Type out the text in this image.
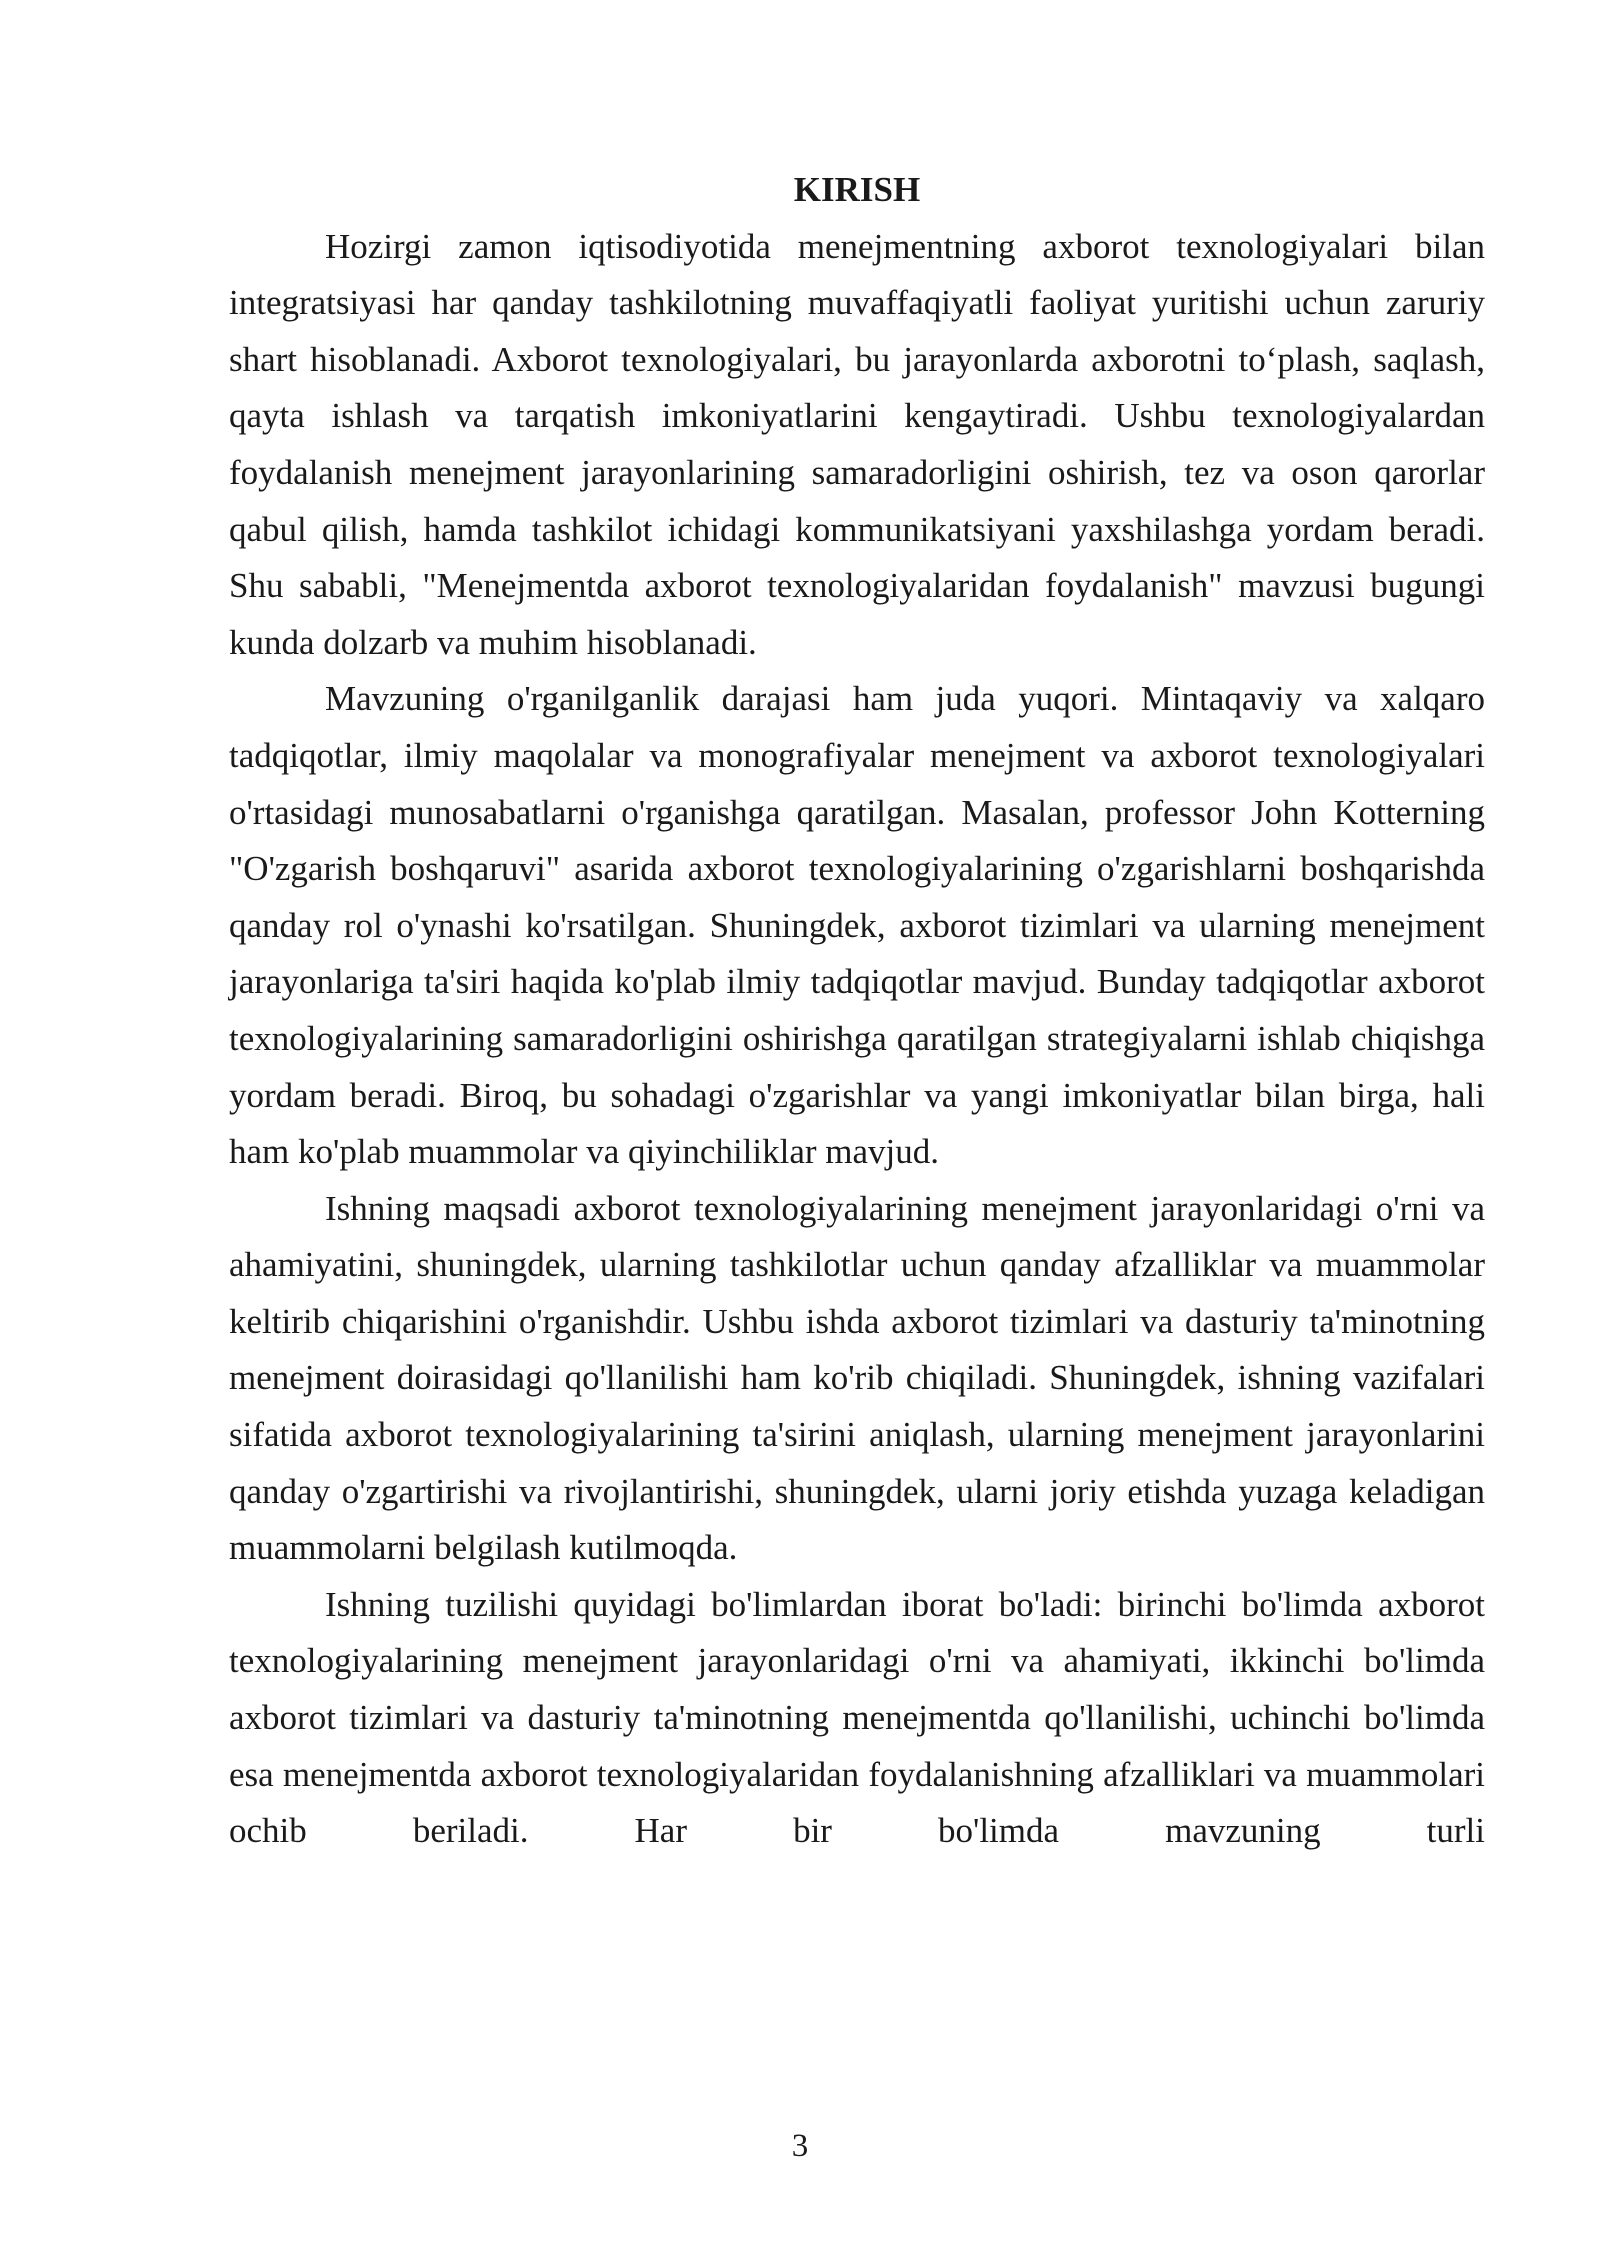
KIRISH

Hozirgi zamon iqtisodiyotida menejmentning axborot texnologiyalari bilan integratsiyasi har qanday tashkilotning muvaffaqiyatli faoliyat yuritishi uchun zaruriy shart hisoblanadi. Axborot texnologiyalari, bu jarayonlarda axborotni to‘plash, saqlash, qayta ishlash va tarqatish imkoniyatlarini kengaytiradi. Ushbu texnologiyalardan foydalanish menejment jarayonlarining samaradorligini oshirish, tez va oson qarorlar qabul qilish, hamda tashkilot ichidagi kommunikatsiyani yaxshilashga yordam beradi. Shu sababli, "Menejmentda axborot texnologiyalaridan foydalanish" mavzusi bugungi kunda dolzarb va muhim hisoblanadi.

Mavzuning o'rganilganlik darajasi ham juda yuqori. Mintaqaviy va xalqaro tadqiqotlar, ilmiy maqolalar va monografiyalar menejment va axborot texnologiyalari o'rtasidagi munosabatlarni o'rganishga qaratilgan. Masalan, professor John Kotterning "O'zgarish boshqaruvi" asarida axborot texnologiyalarining o'zgarishlarni boshqarishda qanday rol o'ynashi ko'rsatilgan. Shuningdek, axborot tizimlari va ularning menejment jarayonlariga ta'siri haqida ko'plab ilmiy tadqiqotlar mavjud. Bunday tadqiqotlar axborot texnologiyalarining samaradorligini oshirishga qaratilgan strategiyalarni ishlab chiqishga yordam beradi. Biroq, bu sohadagi o'zgarishlar va yangi imkoniyatlar bilan birga, hali ham ko'plab muammolar va qiyinchiliklar mavjud.

Ishning maqsadi axborot texnologiyalarining menejment jarayonlaridagi o'rni va ahamiyatini, shuningdek, ularning tashkilotlar uchun qanday afzalliklar va muammolar keltirib chiqarishini o'rganishdir. Ushbu ishda axborot tizimlari va dasturiy ta'minotning menejment doirasidagi qo'llanilishi ham ko'rib chiqiladi. Shuningdek, ishning vazifalari sifatida axborot texnologiyalarining ta'sirini aniqlash, ularning menejment jarayonlarini qanday o'zgartirishi va rivojlantirishi, shuningdek, ularni joriy etishda yuzaga keladigan muammolarni belgilash kutilmoqda.

Ishning tuzilishi quyidagi bo'limlardan iborat bo'ladi: birinchi bo'limda axborot texnologiyalarining menejment jarayonlaridagi o'rni va ahamiyati, ikkinchi bo'limda axborot tizimlari va dasturiy ta'minotning menejmentda qo'llanilishi, uchinchi bo'limda esa menejmentda axborot texnologiyalaridan foydalanishning afzalliklari va muammolari ochib beriladi. Har bir bo'limda mavzuning turli

3
